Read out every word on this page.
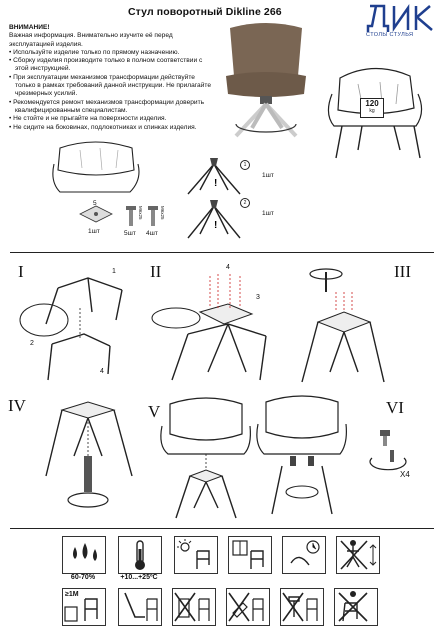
Стул поворотный Dikline 266
СТОЛЫ СТУЛЬЯ

ВНИМАНИЕ!

Важная информация. Внимательно изучите её перед эксплуатацией изделия.

• Используйте изделие только по прямому назначению.

• Сборку изделия производите только в полном соответствии с этой инструкцией.

• При эксплуатации механизмов трансформации действуйте только в рамках требований данной инструкции. Не прилагайте чрезмерных усилий.

• Рекомендуется ремонт механизмов трансформации доверить квалифицированным специалистам.

• Не стойте и не прыгайте на поверхности изделия.

• Не сидите на боковинах, подлокотниках и спинках изделия.

120
kg
5
1шт
M6x25	M6x25
5шт 4шт
!
1
1шт
!
2
1шт
I	1
2
4
II	4
3
III
IV	V	VI
X4
60-70%	+10...+25ºC
≥1M
